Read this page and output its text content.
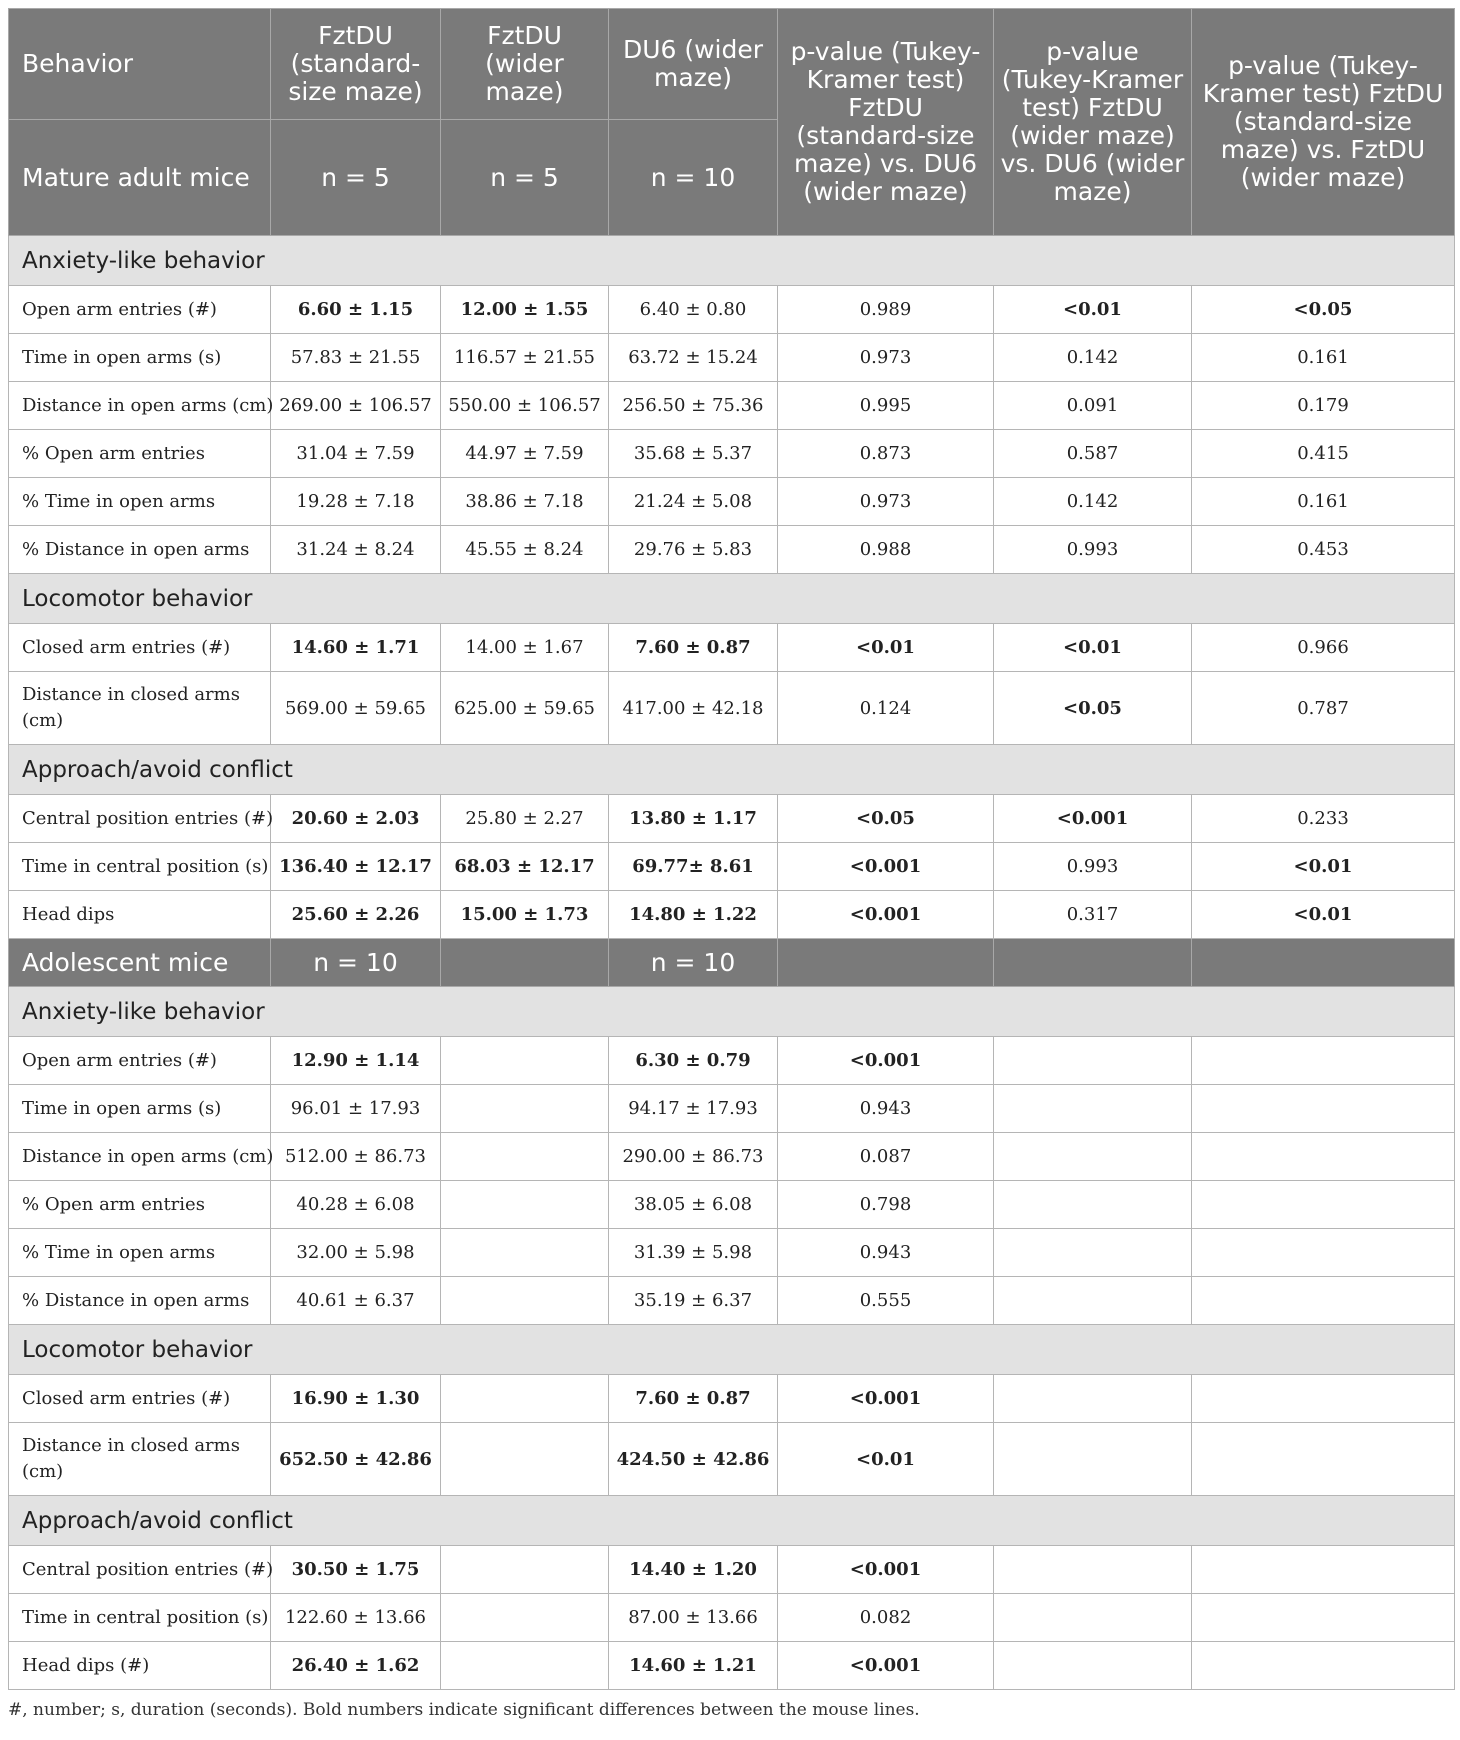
Behavior	FztDU (standard-size maze)	FztDU (wider maze)	DU6 (wider maze)	p-value (Tukey-Kramer test) FztDU (standard-size maze) vs. DU6 (wider maze)	p-value (Tukey-Kramer test) FztDU (wider maze) vs. DU6 (wider maze)	p-value (Tukey-Kramer test) FztDU (standard-size maze) vs. FztDU (wider maze)
Mature adult mice	n = 5	n = 5	n = 10			
Anxiety-like behavior						
Open arm entries (#)	6.60 ± 1.15	12.00 ± 1.55	6.40 ± 0.80	0.989	<0.01	<0.05
Time in open arms (s)	57.83 ± 21.55	116.57 ± 21.55	63.72 ± 15.24	0.973	0.142	0.161
Distance in open arms (cm)	269.00 ± 106.57	550.00 ± 106.57	256.50 ± 75.36	0.995	0.091	0.179
% Open arm entries	31.04 ± 7.59	44.97 ± 7.59	35.68 ± 5.37	0.873	0.587	0.415
% Time in open arms	19.28 ± 7.18	38.86 ± 7.18	21.24 ± 5.08	0.973	0.142	0.161
% Distance in open arms	31.24 ± 8.24	45.55 ± 8.24	29.76 ± 5.83	0.988	0.993	0.453
Locomotor behavior						
Closed arm entries (#)	14.60 ± 1.71	14.00 ± 1.67	7.60 ± 0.87	<0.01	<0.01	0.966
Distance in closed arms (cm)	569.00 ± 59.65	625.00 ± 59.65	417.00 ± 42.18	0.124	<0.05	0.787
Approach/avoid conflict						
Central position entries (#)	20.60 ± 2.03	25.80 ± 2.27	13.80 ± 1.17	<0.05	<0.001	0.233
Time in central position (s)	136.40 ± 12.17	68.03 ± 12.17	69.77± 8.61	<0.001	0.993	<0.01
Head dips	25.60 ± 2.26	15.00 ± 1.73	14.80 ± 1.22	<0.001	0.317	<0.01
Adolescent mice	n = 10		n = 10			
Anxiety-like behavior						
Open arm entries (#)	12.90 ± 1.14		6.30 ± 0.79	<0.001		
Time in open arms (s)	96.01 ± 17.93		94.17 ± 17.93	0.943		
Distance in open arms (cm)	512.00 ± 86.73		290.00 ± 86.73	0.087		
% Open arm entries	40.28 ± 6.08		38.05 ± 6.08	0.798		
% Time in open arms	32.00 ± 5.98		31.39 ± 5.98	0.943		
% Distance in open arms	40.61 ± 6.37		35.19 ± 6.37	0.555		
Locomotor behavior						
Closed arm entries (#)	16.90 ± 1.30		7.60 ± 0.87	<0.001		
Distance in closed arms (cm)	652.50 ± 42.86		424.50 ± 42.86	<0.01		
Approach/avoid conflict						
Central position entries (#)	30.50 ± 1.75		14.40 ± 1.20	<0.001		
Time in central position (s)	122.60 ± 13.66		87.00 ± 13.66	0.082		
Head dips (#)	26.40 ± 1.62		14.60 ± 1.21	<0.001		
#, number; s, duration (seconds). Bold numbers indicate significant differences between the mouse lines.
